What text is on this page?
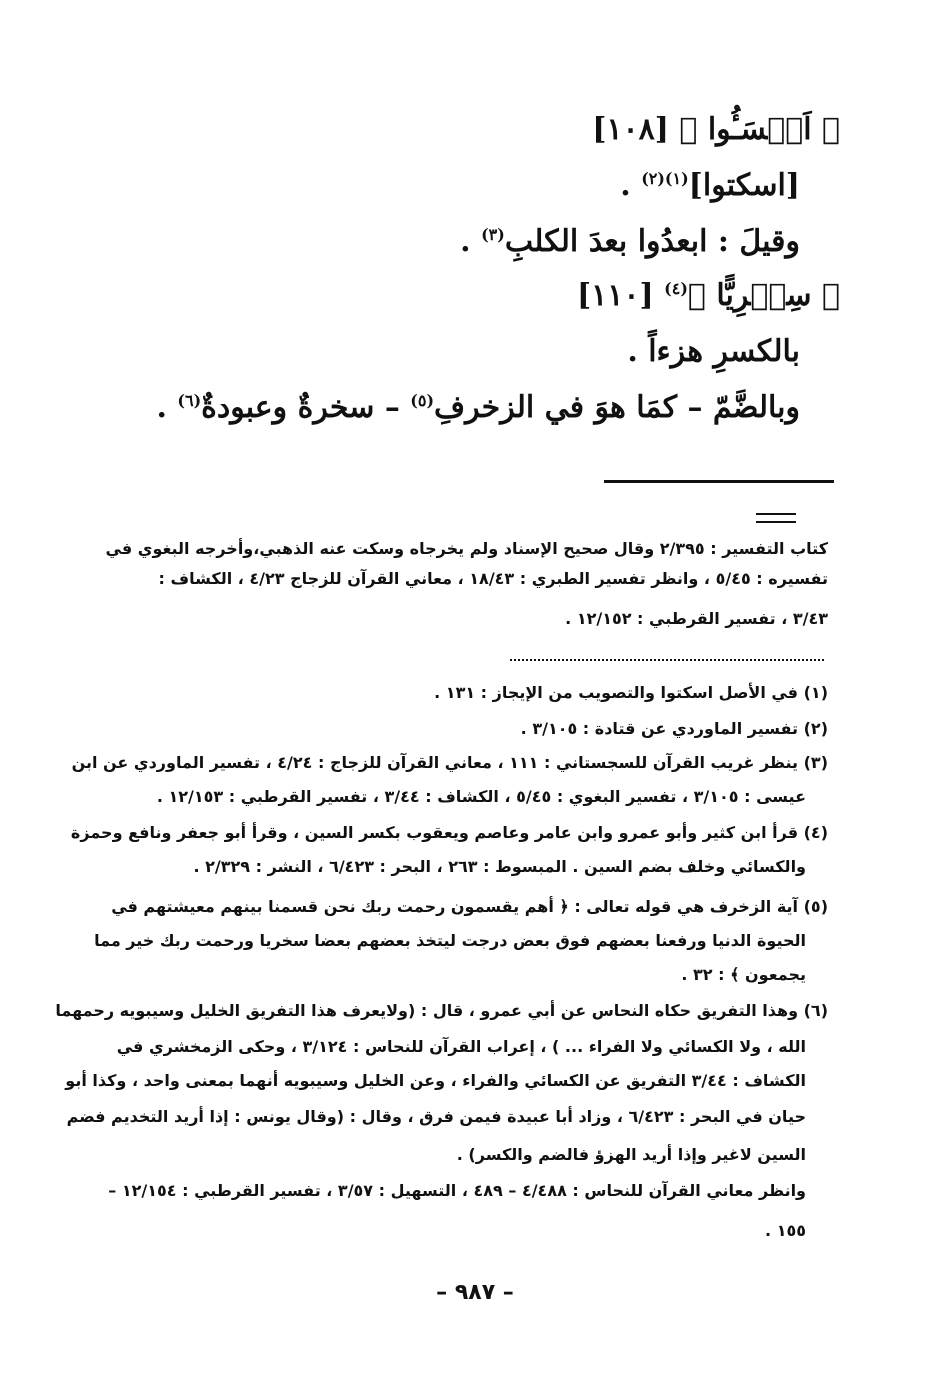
﴿ اَخۡسَـُٔوا ﴾ [١٠٨]
[اسكتوا]$^{(١)(٢)}$ .
وقيلَ : ابعدُوا بعدَ الكلبِ$^{(٣)}$ .
﴿ سِخۡرِيًّا ﴾$^{(٤)}$ [١١٠]
بالكسرِ هزءاً .
وبالضَّمّ – كمَا هوَ في الزخرفِ$^{(٥)}$ – سخرةٌ وعبودةٌ$^{(٦)}$ .
كتاب التفسير : ٢/٣٩٥ وقال صحيح الإسناد ولم يخرجاه وسكت عنه الذهبي،وأخرجه البغوي في
تفسيره : ٥/٤٥ ، وانظر تفسير الطبري : ١٨/٤٣ ، معاني القرآن للزجاج ٤/٢٣ ، الكشاف :
٣/٤٣ ، تفسير القرطبي : ١٢/١٥٢ .
(١) في الأصل اسكتوا والتصويب من الإيجاز : ١٣١ .
(٢) تفسير الماوردي عن قتادة : ٣/١٠٥ .
(٣) ينظر غريب القرآن للسجستاني : ١١١ ، معاني القرآن للزجاج : ٤/٢٤ ، تفسير الماوردي عن ابن
عيسى : ٣/١٠٥ ، تفسير البغوي : ٥/٤٥ ، الكشاف : ٣/٤٤ ، تفسير القرطبي : ١٢/١٥٣ .
(٤) قرأ ابن كثير وأبو عمرو وابن عامر وعاصم ويعقوب بكسر السين ، وقرأ أبو جعفر ونافع وحمزة
والكسائي وخلف بضم السين . المبسوط : ٢٦٣ ، البحر : ٦/٤٢٣ ، النشر : ٢/٣٢٩ .
(٥) آية الزخرف هي قوله تعالى : ﴿ أهم يقسمون رحمت ربك نحن قسمنا بينهم معيشتهم في
الحيوة الدنيا ورفعنا بعضهم فوق بعض درجت ليتخذ بعضهم بعضا سخريا ورحمت ربك خير مما
يجمعون ﴾ : ٣٢ .
(٦) وهذا التفريق حكاه النحاس عن أبي عمرو ، قال : (ولايعرف هذا التفريق الخليل وسيبويه رحمهما
الله ، ولا الكسائي ولا الفراء ... ) ، إعراب القرآن للنحاس : ٣/١٢٤ ، وحكى الزمخشري في
الكشاف : ٣/٤٤ التفريق عن الكسائي والفراء ، وعن الخليل وسيبويه أنهما بمعنى واحد ، وكذا أبو
حيان في البحر : ٦/٤٢٣ ، وزاد أبا عبيدة فيمن فرق ، وقال : (وقال يونس : إذا أريد التخديم فضم
السين لاغير وإذا أريد الهزؤ فالضم والكسر) .
وانظر معاني القرآن للنحاس : ٤/٤٨٨ – ٤٨٩ ، التسهيل : ٣/٥٧ ، تفسير القرطبي : ١٢/١٥٤ –
١٥٥ .
– ٩٨٧ –
